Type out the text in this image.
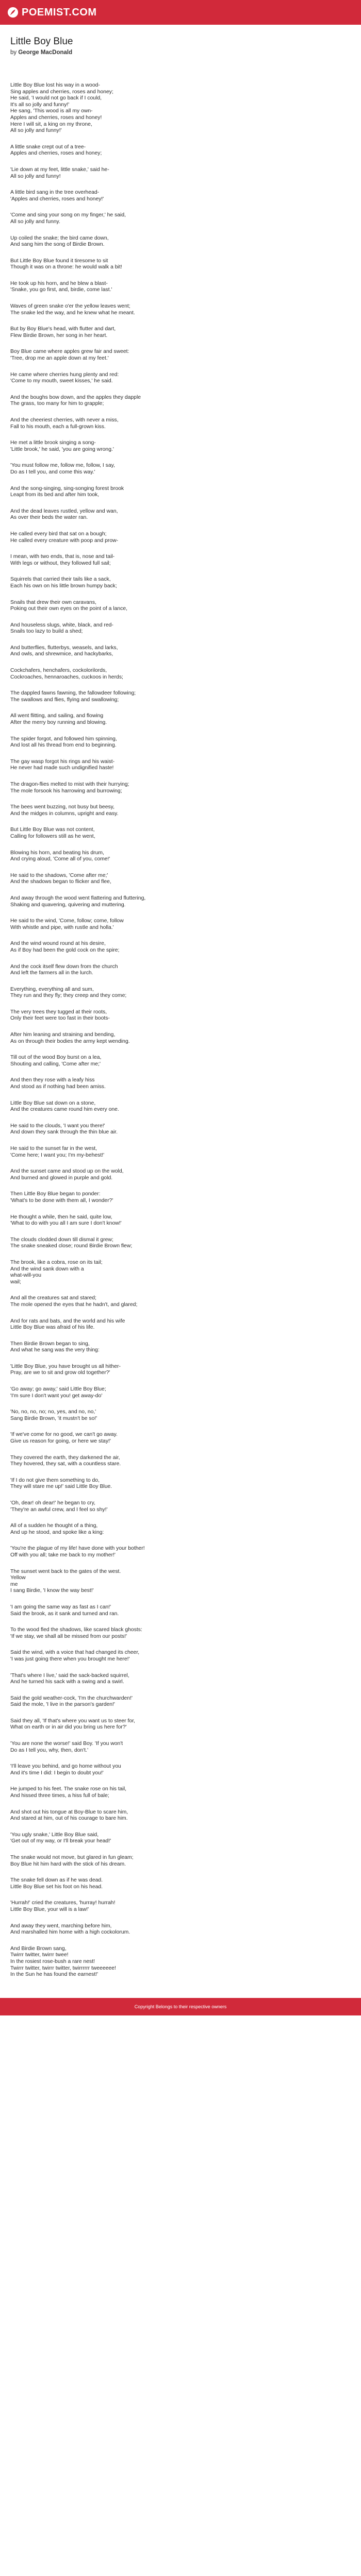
POEMIST.COM
Little Boy Blue
by George MacDonald
Little Boy Blue lost his way in a wood-
Sing apples and cherries, roses and honey;
He said, 'I would not go back if I could,
It's all so jolly and funny!'
He sang, 'This wood is all my own-
Apples and cherries, roses and honey!
Here I will sit, a king on my throne,
All so jolly and funny!'
A little snake crept out of a tree-
Apples and cherries, roses and honey;
'Lie down at my feet, little snake,' said he-
All so jolly and funny!
A little bird sang in the tree overhead-
'Apples and cherries, roses and honey!'
'Come and sing your song on my finger,' he said,
All so jolly and funny.
Up coiled the snake; the bird came down,
And sang him the song of Birdie Brown.
But Little Boy Blue found it tiresome to sit
Though it was on a throne: he would walk a bit!
He took up his horn, and he blew a blast-
'Snake, you go first, and, birdie, come last.'
Waves of green snake o'er the yellow leaves went;
The snake led the way, and he knew what he meant.
But by Boy Blue's head, with flutter and dart,
Flew Birdie Brown, her song in her heart.
Boy Blue came where apples grew fair and sweet:
'Tree, drop me an apple down at my feet.'
He came where cherries hung plenty and red:
'Come to my mouth, sweet kisses,' he said.
And the boughs bow down, and the apples they dapple
The grass, too many for him to grapple;
And the cheeriest cherries, with never a miss,
Fall to his mouth, each a full-grown kiss.
He met a little brook singing a song-
'Little brook,' he said, 'you are going wrong.'
'You must follow me, follow me, follow, I say,
Do as I tell you, and come this way.'
And the song-singing, sing-songing forest brook
Leapt from its bed and after him took,
And the dead leaves rustled, yellow and wan,
As over their beds the water ran.
He called every bird that sat on a bough;
He called every creature with poop and prow-
I mean, with two ends, that is, nose and tail-
With legs or without, they followed full sail;
Squirrels that carried their tails like a sack,
Each his own on his little brown humpy back;
Snails that drew their own caravans,
Poking out their own eyes on the point of a lance,
And houseless slugs, white, black, and red-
Snails too lazy to build a shed;
And butterflies, flutterbys, weasels, and larks,
And owls, and shrewmice, and hackybarks,
Cockchafers, henchafers, cockolorilords,
Cockroaches, hennaroaches, cuckoos in herds;
The dappled fawns fawning, the fallowdeer following;
The swallows and flies, flying and swallowing;
All went flitting, and sailing, and flowing
After the merry boy running and blowing.
The spider forgot, and followed him spinning,
And lost all his thread from end to beginning.
The gay wasp forgot his rings and his waist-
He never had made such undignified haste!
The dragon-flies melted to mist with their hurrying;
The mole forsook his harrowing and burrowing;
The bees went buzzing, not busy but beesy,
And the midges in columns, upright and easy.
But Little Boy Blue was not content,
Calling for followers still as he went,
Blowing his horn, and beating his drum,
And crying aloud, 'Come all of you, come!'
He said to the shadows, 'Come after me;'
And the shadows began to flicker and flee,
And away through the wood went flattering and fluttering,
Shaking and quavering, quivering and muttering.
He said to the wind, 'Come, follow; come, follow
With whistle and pipe, with rustle and holla.'
And the wind wound round at his desire,
As if Boy had been the gold cock on the spire;
And the cock itself flew down from the church
And left the farmers all in the lurch.
Everything, everything all and sum,
They run and they fly; they creep and they come;
The very trees they tugged at their roots,
Only their feet were too fast in their boots-
After him leaning and straining and bending,
As on through their bodies the army kept wending.
Till out of the wood Boy burst on a lea,
Shouting and calling, 'Come after me;'
And then they rose with a leafy hiss
And stood as if nothing had been amiss.
Little Boy Blue sat down on a stone,
And the creatures came round him every one.
He said to the clouds, 'I want you there!'
And down they sank through the thin blue air.
He said to the sunset far in the west,
'Come here; I want you; I'm my-behest!'
And the sunset came and stood up on the wold,
And burned and glowed in purple and gold.
Then Little Boy Blue began to ponder:
'What's to be done with them all, I wonder?'
He thought a while, then he said, quite low,
'What to do with you all I am sure I don't know!'
The clouds clodded down till dismal it grew;
The snake sneaked close; round Birdie Brown flew;
The brook, like a cobra, rose on its tail;
And the wind sank down with a
what-will-you
wail;
And all the creatures sat and stared;
The mole opened the eyes that he hadn't, and glared;
And for rats and bats, and the world and his wife
Little Boy Blue was afraid of his life.
Then Birdie Brown began to sing,
And what he sang was the very thing:
'Little Boy Blue, you have brought us all hither-
Pray, are we to sit and grow old together?'
'Go away; go away,' said Little Boy Blue;
'I'm sure I don't want you! get away-do'
'No, no, no, no; no, yes, and no, no,'
Sang Birdie Brown, 'it mustn't be so!'
'If we've come for no good, we can't go away.
Give us reason for going, or here we stay!'
They covered the earth, they darkened the air,
They hovered, they sat, with a countless stare.
'If I do not give them something to do,
They will stare me up!' said Little Boy Blue.
'Oh, dear! oh dear!' he began to cry,
'They're an awful crew, and I feel so shy!'
All of a sudden he thought of a thing,
And up he stood, and spoke like a king:
'You're the plague of my life! have done with your bother!
Off with you all; take me back to my mother!'
The sunset went back to the gates of the west.
Yellow
me
I sang Birdie, 'I know the way best!'
'I am going the same way as fast as I can!'
Said the brook, as it sank and turned and ran.
To the wood fled the shadows, like scared black ghosts:
'If we stay, we shall all be missed from our posts!'
Said the wind, with a voice that had changed its cheer,
'I was just going there when you brought me here!'
'That's where I live,' said the sack-backed squirrel,
And he turned his sack with a swing and a swirl.
Said the gold weather-cock, 'I'm the churchwarden!'
Said the mole, 'I live in the parson's garden!'
Said they all, 'If that's where you want us to steer for,
What on earth or in air did you bring us here for?'
'You are none the worse!' said Boy. 'If you won't
Do as I tell you, why, then, don't.'
'I'll leave you behind, and go home without you
And it's time I did: I begin to doubt you!'
He jumped to his feet. The snake rose on his tail,
And hissed three times, a hiss full of bale;
And shot out his tongue at Boy-Blue to scare him,
And stared at him, out of his courage to bare him.
'You ugly snake,' Little Boy Blue said,
'Get out of my way, or I'll break your head!'
The snake would not move, but glared in fun gleam;
Boy Blue hit him hard with the stick of his dream.
The snake fell down as if he was dead.
Little Boy Blue set his foot on his head.
'Hurrah!' cried the creatures, 'hurray! hurrah!
Little Boy Blue, your will is a law!'
And away they went, marching before him,
And marshalled him home with a high cockolorum.
And Birdie Brown sang,
Twirrr twitter, twirrr twee!
In the rosiest rose-bush a rare nest!
Twirrr twitter, twirrr twitter, twirrrrrr tweeeeee!
In the Sun he has found the earnest!'
Copyright Belongs to their respective owners
